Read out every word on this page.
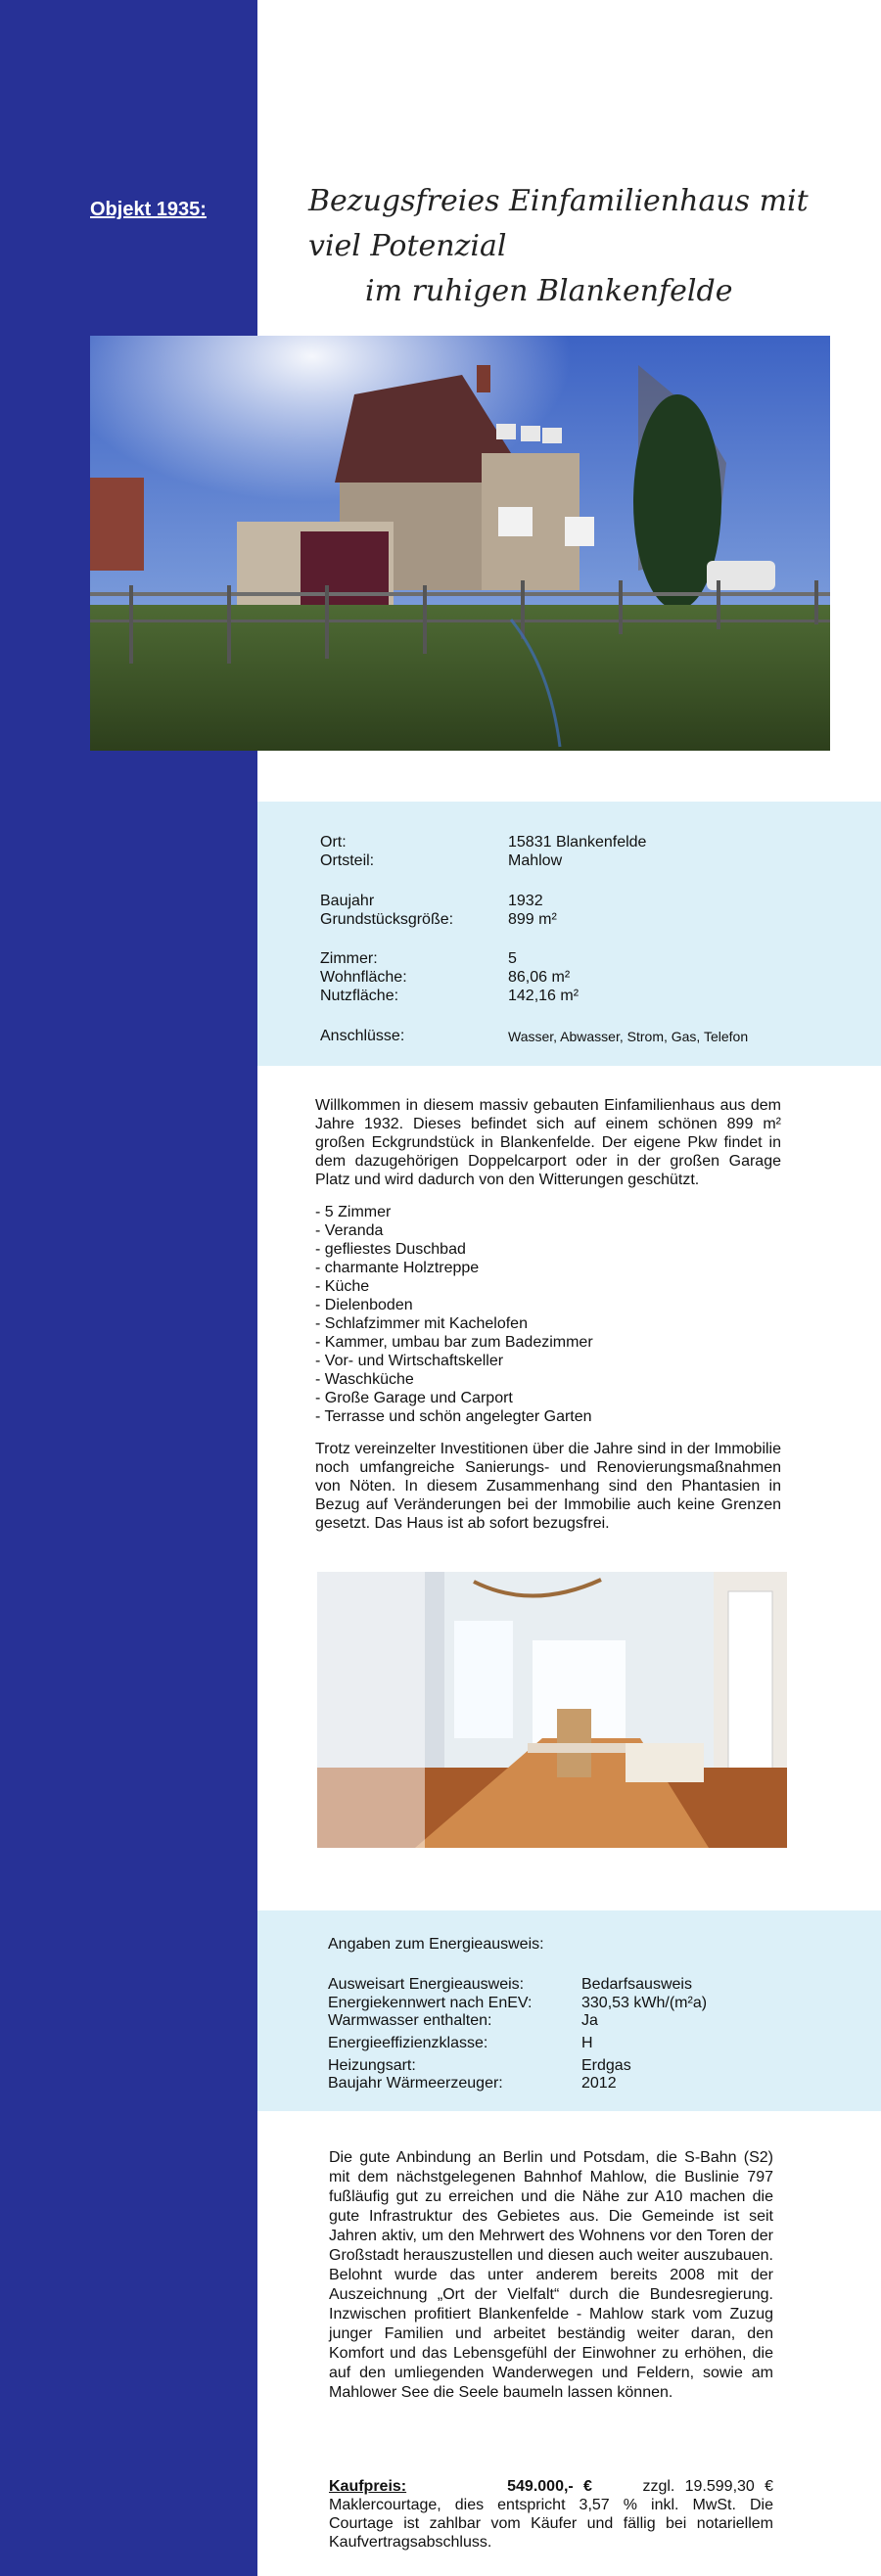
Objekt 1935:	Bezugsfreies Einfamilienhaus mit viel Potenzial
im ruhigen Blankenfelde
Ort:	15831 Blankenfelde
Ortsteil:	Mahlow
Baujahr	1932
Grundstücksgröße:	899 m²
Zimmer:	5
Wohnfläche:	86,06 m²
Nutzfläche:	142,16 m²
Anschlüsse:	Wasser, Abwasser, Strom, Gas, Telefon

Willkommen in diesem massiv gebauten Einfamilienhaus aus dem Jahre 1932. Dieses befindet sich auf einem schönen 899 m² großen Eckgrundstück in Blankenfelde. Der eigene Pkw findet in dem dazugehörigen Doppelcarport oder in der großen Garage Platz und wird dadurch von den Witterungen geschützt.

- 5 Zimmer
- Veranda
- gefliestes Duschbad
- charmante Holztreppe
- Küche
- Dielenboden
- Schlafzimmer mit Kachelofen
- Kammer, umbau bar zum Badezimmer
- Vor- und Wirtschaftskeller
- Waschküche
- Große Garage und Carport
- Terrasse und schön angelegter Garten

Trotz vereinzelter Investitionen über die Jahre sind in der Immobilie noch umfangreiche Sanierungs- und Renovierungsmaßnahmen von Nöten. In diesem Zusammenhang sind den Phantasien in Bezug auf Veränderungen bei der Immobilie auch keine Grenzen gesetzt. Das Haus ist ab sofort bezugsfrei.

Angaben zum Energieausweis:
Ausweisart Energieausweis:	Bedarfsausweis
Energiekennwert nach EnEV:	330,53 kWh/(m²a)
Warmwasser enthalten:	Ja
Energieeffizienzklasse:	H
Heizungsart:	Erdgas
Baujahr Wärmeerzeuger:	2012
Die gute Anbindung an Berlin und Potsdam, die S-Bahn (S2) mit dem nächstgelegenen Bahnhof Mahlow, die Buslinie 797 fußläufig gut zu erreichen und die Nähe zur A10 machen die gute Infrastruktur des Gebietes aus. Die Gemeinde ist seit Jahren aktiv, um den Mehrwert des Wohnens vor den Toren der Großstadt herauszustellen und diesen auch weiter auszubauen. Belohnt wurde das unter anderem bereits 2008 mit der Auszeichnung „Ort der Vielfalt“ durch die Bundesregierung. Inzwischen profitiert Blankenfelde - Mahlow stark vom Zuzug junger Familien und arbeitet beständig weiter daran, den Komfort und das Lebensgefühl der Einwohner zu erhöhen, die auf den umliegenden Wanderwegen und Feldern, sowie am Mahlower See die Seele baumeln lassen können.
Kaufpreis:	549.000,- €	zzgl. 19.599,30 € Maklercourtage, dies entspricht 3,57 % inkl. MwSt. Die Courtage ist zahlbar vom Käufer und fällig bei notariellem Kaufvertragsabschluss.
